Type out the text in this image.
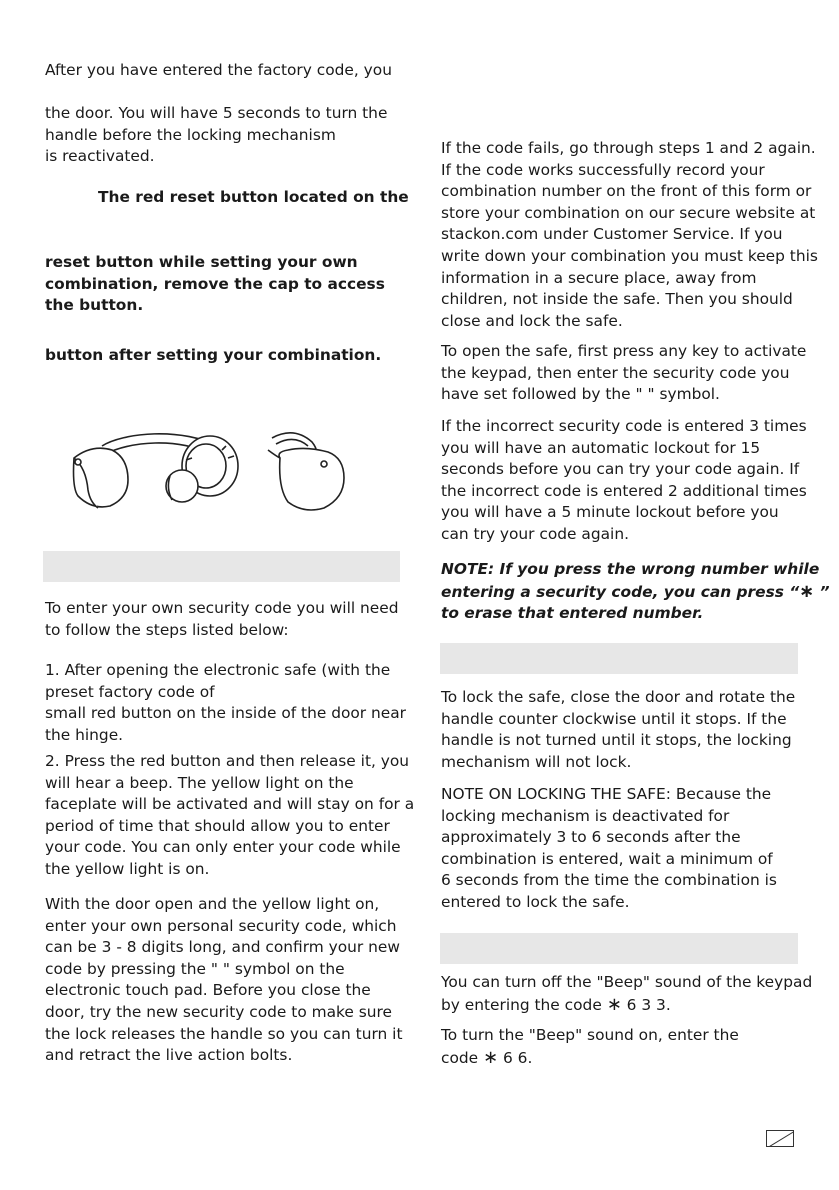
After you have entered the factory code, you

the door. You will have 5 seconds to turn the

handle before the locking mechanism

is reactivated.

The red reset button located on the

reset button while setting your own

combination, remove the cap to access

the button.

button after setting your combination.

To enter your own security code you will need

to follow the steps listed below:

1. After opening the electronic safe (with the

preset factory code of

small red button on the inside of the door near

the hinge.

2. Press the red button and then release it, you

will hear a beep. The yellow light on the

faceplate will be activated and will stay on for a

period of time that should allow you to enter

your code. You can only enter your code while

the yellow light is on.

With the door open and the yellow light on,

enter your own personal security code, which

can be 3 - 8 digits long, and confirm your new

code by pressing the " " symbol on the

electronic touch pad. Before you close the

door, try the new security code to make sure

the lock releases the handle so you can turn it

and retract the live action bolts.

If the code fails, go through steps 1 and 2 again.

If the code works successfully record your

combination number on the front of this form or

store your combination on our secure website at

stackon.com under Customer Service. If you

write down your combination you must keep this

information in a secure place, away from

children, not inside the safe. Then you should

close and lock the safe.

To open the safe, first press any key to activate

the keypad, then enter the security code you

have set followed by the " " symbol.

If the incorrect security code is entered 3 times

you will have an automatic lockout for 15

seconds before you can try your code again. If

the incorrect code is entered 2 additional times

you will have a 5 minute lockout before you

can try your code again.

NOTE: If you press the wrong number while

entering a security code, you can press “∗ ”

to erase that entered number.

To lock the safe, close the door and rotate the

handle counter clockwise until it stops. If the

handle is not turned until it stops, the locking

mechanism will not lock.

NOTE ON LOCKING THE SAFE: Because the

locking mechanism is deactivated for

approximately 3 to 6 seconds after the

combination is entered, wait a minimum of

6 seconds from the time the combination is

entered to lock the safe.

You can turn off the "Beep" sound of the keypad

by entering the code ∗ 6 3 3.

To turn the "Beep" sound on, enter the

code ∗ 6 6.
